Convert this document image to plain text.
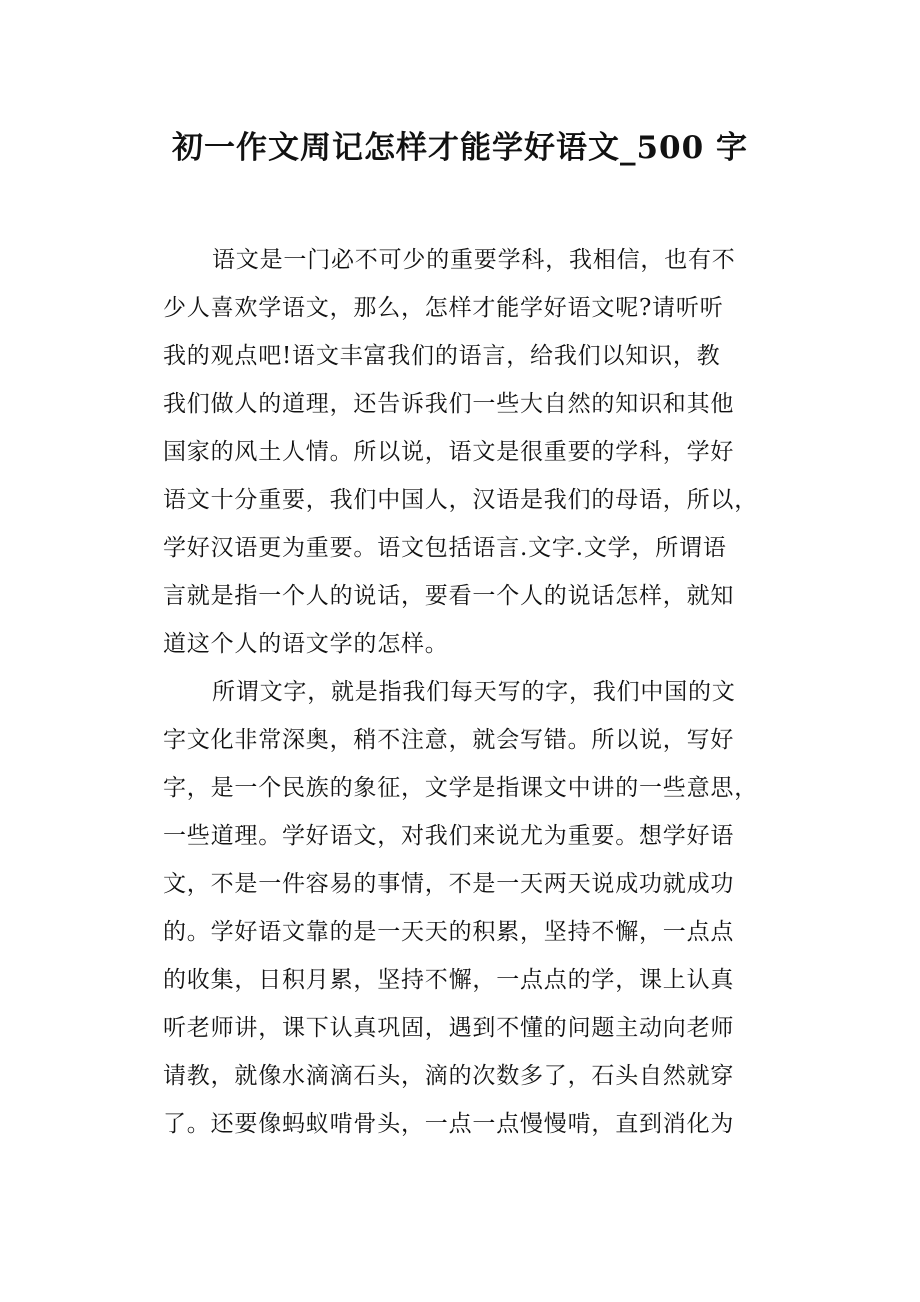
初一作文周记怎样才能学好语文_500 字
语文是一门必不可少的重要学科，我相信，也有不
少人喜欢学语文，那么，怎样才能学好语文呢?请听听
我的观点吧!语文丰富我们的语言，给我们以知识，教
我们做人的道理，还告诉我们一些大自然的知识和其他
国家的风土人情。所以说，语文是很重要的学科，学好
语文十分重要，我们中国人，汉语是我们的母语，所以，
学好汉语更为重要。语文包括语言.文字.文学，所谓语
言就是指一个人的说话，要看一个人的说话怎样，就知
道这个人的语文学的怎样。
所谓文字，就是指我们每天写的字，我们中国的文
字文化非常深奥，稍不注意，就会写错。所以说，写好
字，是一个民族的象征，文学是指课文中讲的一些意思，
一些道理。学好语文，对我们来说尤为重要。想学好语
文，不是一件容易的事情，不是一天两天说成功就成功
的。学好语文靠的是一天天的积累，坚持不懈，一点点
的收集，日积月累，坚持不懈，一点点的学，课上认真
听老师讲，课下认真巩固，遇到不懂的问题主动向老师
请教，就像水滴滴石头，滴的次数多了，石头自然就穿
了。还要像蚂蚁啃骨头，一点一点慢慢啃，直到消化为
